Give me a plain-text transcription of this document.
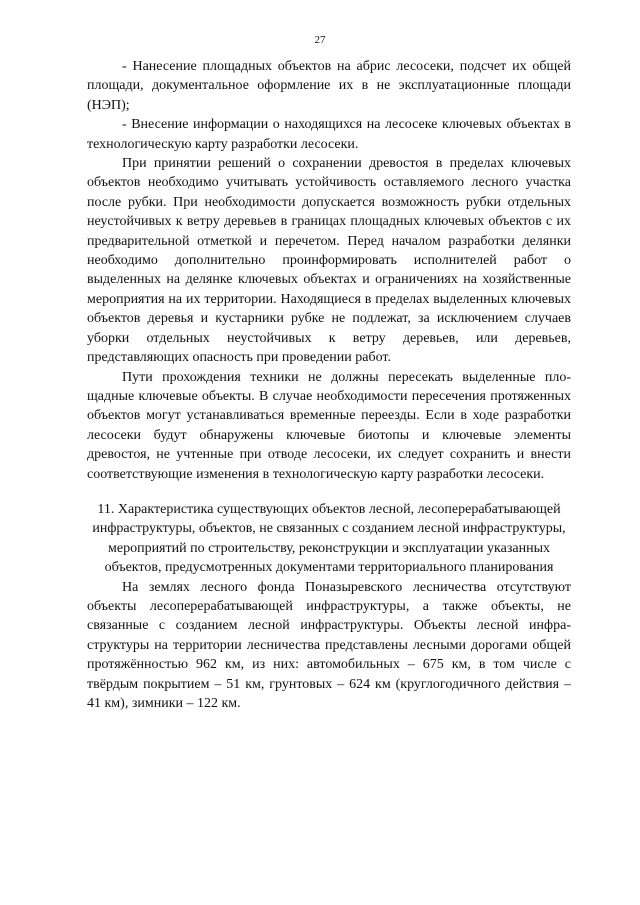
27

- Нанесение площадных объектов на абрис лесосеки, подсчет их общей площади, документальное оформление их в не эксплуатационные площади (НЭП);

- Внесение информации о находящихся на лесосеке ключевых объектах в технологическую карту разработки лесосеки.

При принятии решений о сохранении древостоя в пределах ключевых объектов необходимо учитывать устойчивость оставляемого лесного участка после рубки. При необходимости допускается возможность рубки отдельных неустойчивых к ветру деревьев в границах площадных ключевых объектов с их предварительной отметкой и перечетом. Перед началом разработки делянки необходимо дополнительно проинформировать исполнителей работ о выделенных на делянке ключевых объектах и ограничениях на хозяйственные мероприятия на их территории. Находящиеся в пределах выделенных ключевых объектов деревья и кустарники рубке не подлежат, за исключением случаев уборки отдельных неустойчивых к ветру деревьев, или деревьев, представляющих опасность при проведении работ.

Пути прохождения техники не должны пересекать выделенные площадные ключевые объекты. В случае необходимости пересечения протяженных объектов могут устанавливаться временные переезды. Если в ходе разработки лесосеки будут обнаружены ключевые биотопы и ключевые элементы древостоя, не учтенные при отводе лесосеки, их следует сохранить и внести соответствующие изменения в технологическую карту разработки лесосеки.

11. Характеристика существующих объектов лесной, лесоперерабатывающей инфраструктуры, объектов, не связанных с созданием лесной инфраструктуры, мероприятий по строительству, реконструкции и эксплуатации указанных объектов, предусмотренных документами территориального планирования

На землях лесного фонда Поназыревского лесничества отсутствуют объекты лесоперерабатывающей инфраструктуры, а также объекты, не связанные с созданием лесной инфраструктуры. Объекты лесной инфраструктуры на территории лесничества представлены лесными дорогами общей протяжённостью 962 км, из них: автомобильных – 675 км, в том числе с твёрдым покрытием – 51 км, грунтовых – 624 км (круглогодичного действия – 41 км), зимники – 122 км.
